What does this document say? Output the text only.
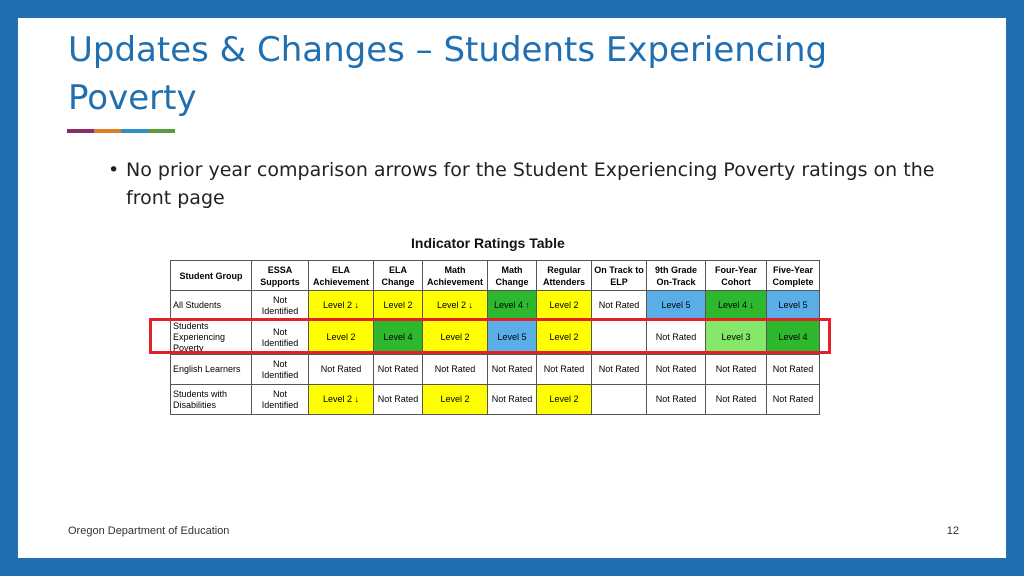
Updates & Changes – Students Experiencing Poverty
• No prior year comparison arrows for the Student Experiencing Poverty ratings on the front page
Indicator Ratings Table
Student Group	ESSA Supports	ELA Achievement	ELA Change	Math Achievement	Math Change	Regular Attenders	On Track to ELP	9th Grade On-Track	Four-Year Cohort	Five-Year Complete
All Students	Not Identified	Level 2 ↓	Level 2	Level 2 ↓	Level 4 ↑	Level 2	Not Rated	Level 5	Level 4 ↓	Level 5
Students Experiencing Poverty	Not Identified	Level 2	Level 4	Level 2	Level 5	Level 2		Not Rated	Level 3	Level 4
English Learners	Not Identified	Not Rated	Not Rated	Not Rated	Not Rated	Not Rated	Not Rated	Not Rated	Not Rated	Not Rated
Students with Disabilities	Not Identified	Level 2 ↓	Not Rated	Level 2	Not Rated	Level 2		Not Rated	Not Rated	Not Rated
Oregon Department of Education	12
